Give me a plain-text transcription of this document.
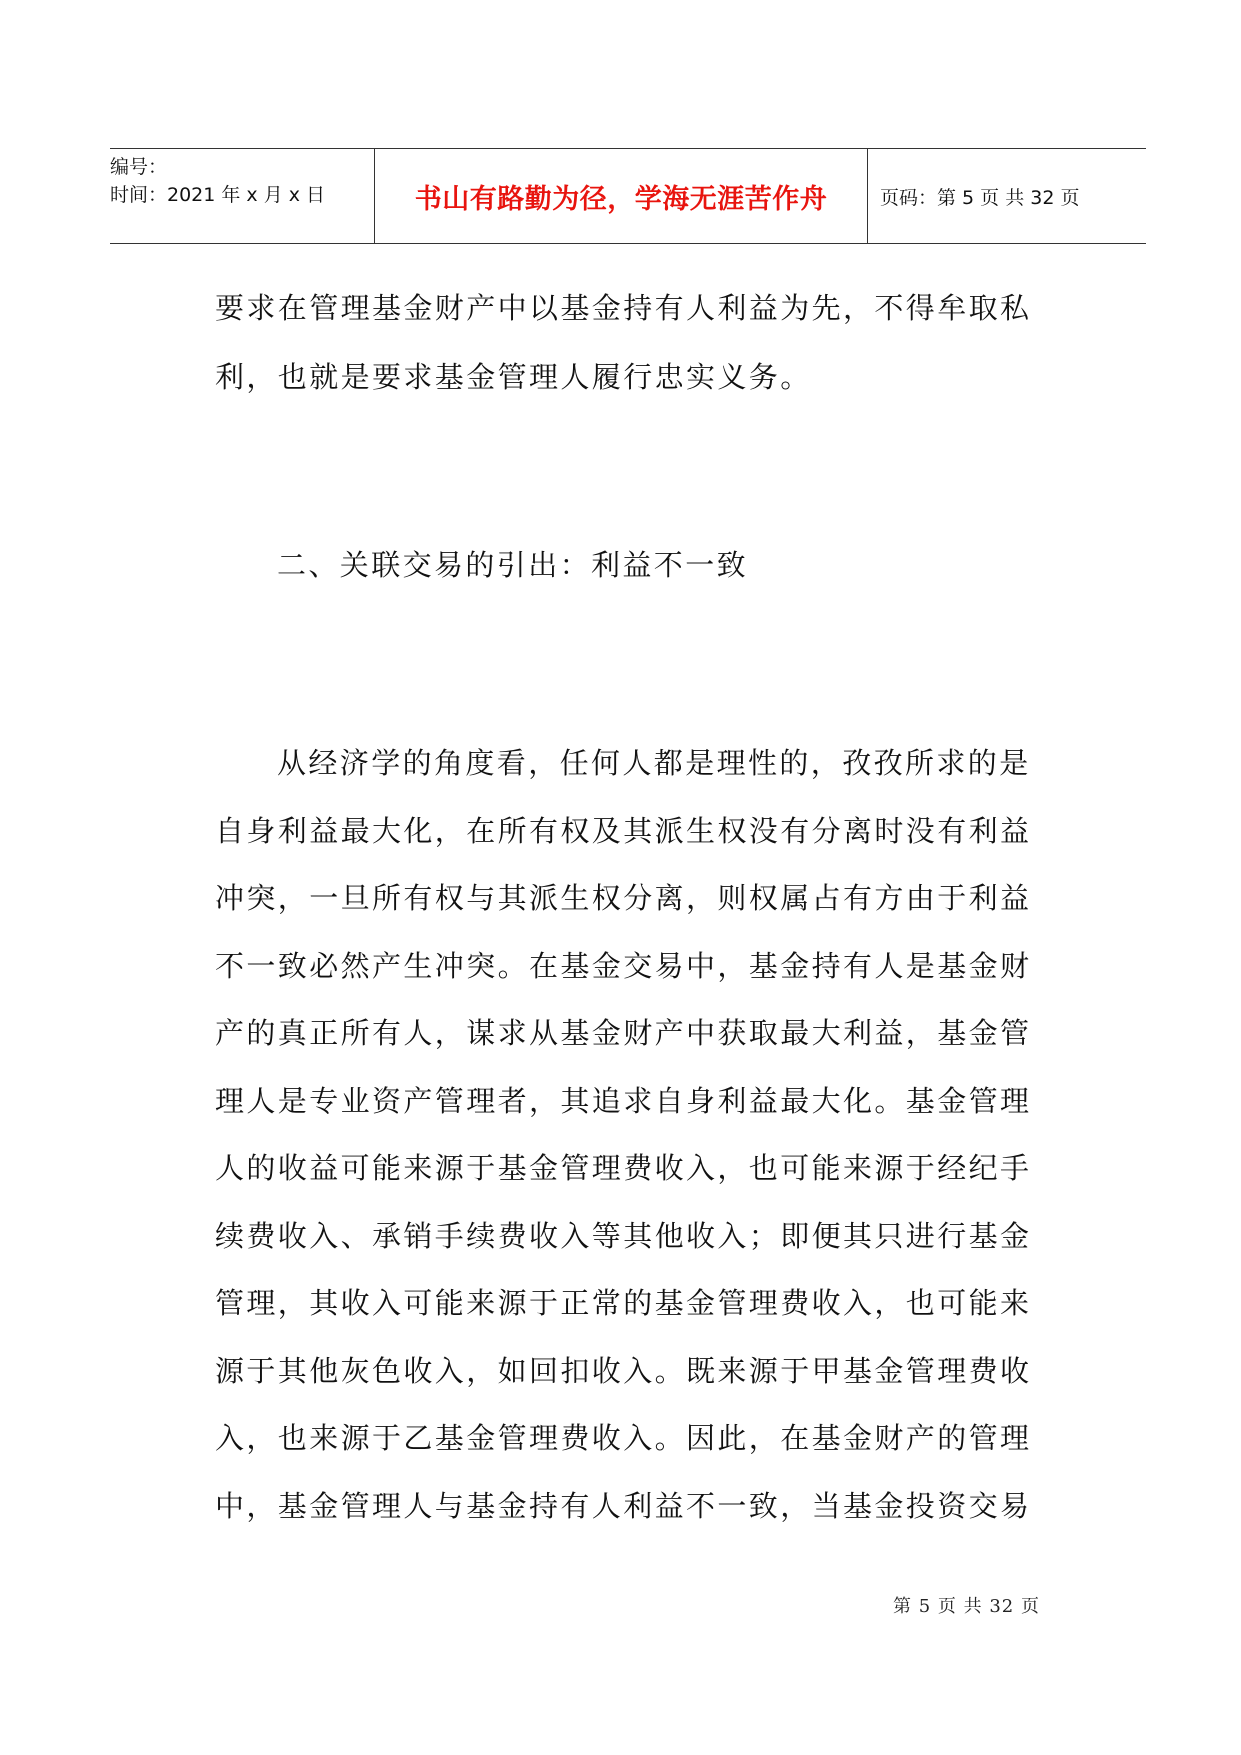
编号：
时间：2021 年 x 月 x 日	书山有路勤为径，学海无涯苦作舟	页码：第 5 页 共 32 页
要求在管理基金财产中以基金持有人利益为先，不得牟取私利，也就是要求基金管理人履行忠实义务。
二、关联交易的引出：利益不一致
从经济学的角度看，任何人都是理性的，孜孜所求的是自身利益最大化，在所有权及其派生权没有分离时没有利益冲突，一旦所有权与其派生权分离，则权属占有方由于利益不一致必然产生冲突。在基金交易中，基金持有人是基金财产的真正所有人，谋求从基金财产中获取最大利益，基金管理人是专业资产管理者，其追求自身利益最大化。基金管理人的收益可能来源于基金管理费收入，也可能来源于经纪手续费收入、承销手续费收入等其他收入；即便其只进行基金管理，其收入可能来源于正常的基金管理费收入，也可能来源于其他灰色收入，如回扣收入。既来源于甲基金管理费收入，也来源于乙基金管理费收入。因此，在基金财产的管理中，基金管理人与基金持有人利益不一致，当基金投资交易
第 5 页 共 32 页
